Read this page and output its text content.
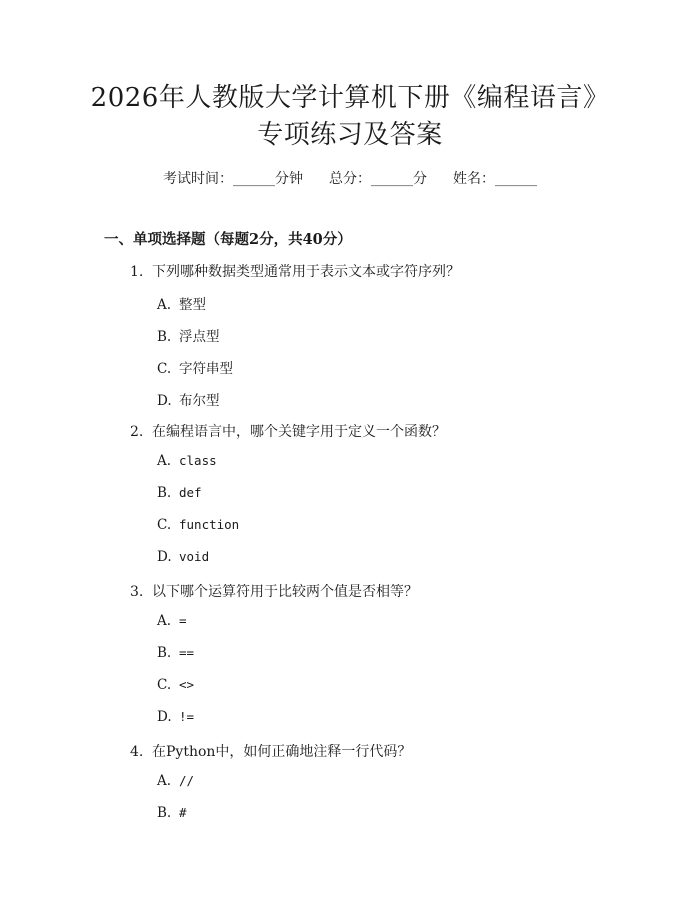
2026年人教版大学计算机下册《编程语言》
专项练习及答案
考试时间：______分钟 总分：______分 姓名：______
一、单项选择题（每题2分，共40分）
1. 下列哪种数据类型通常用于表示文本或字符序列？
A. 整型
B. 浮点型
C. 字符串型
D. 布尔型
2. 在编程语言中，哪个关键字用于定义一个函数？
A. class
B. def
C. function
D. void
3. 以下哪个运算符用于比较两个值是否相等？
A. =
B. ==
C. <>
D. !=
4. 在Python中，如何正确地注释一行代码？
A. //
B. #
